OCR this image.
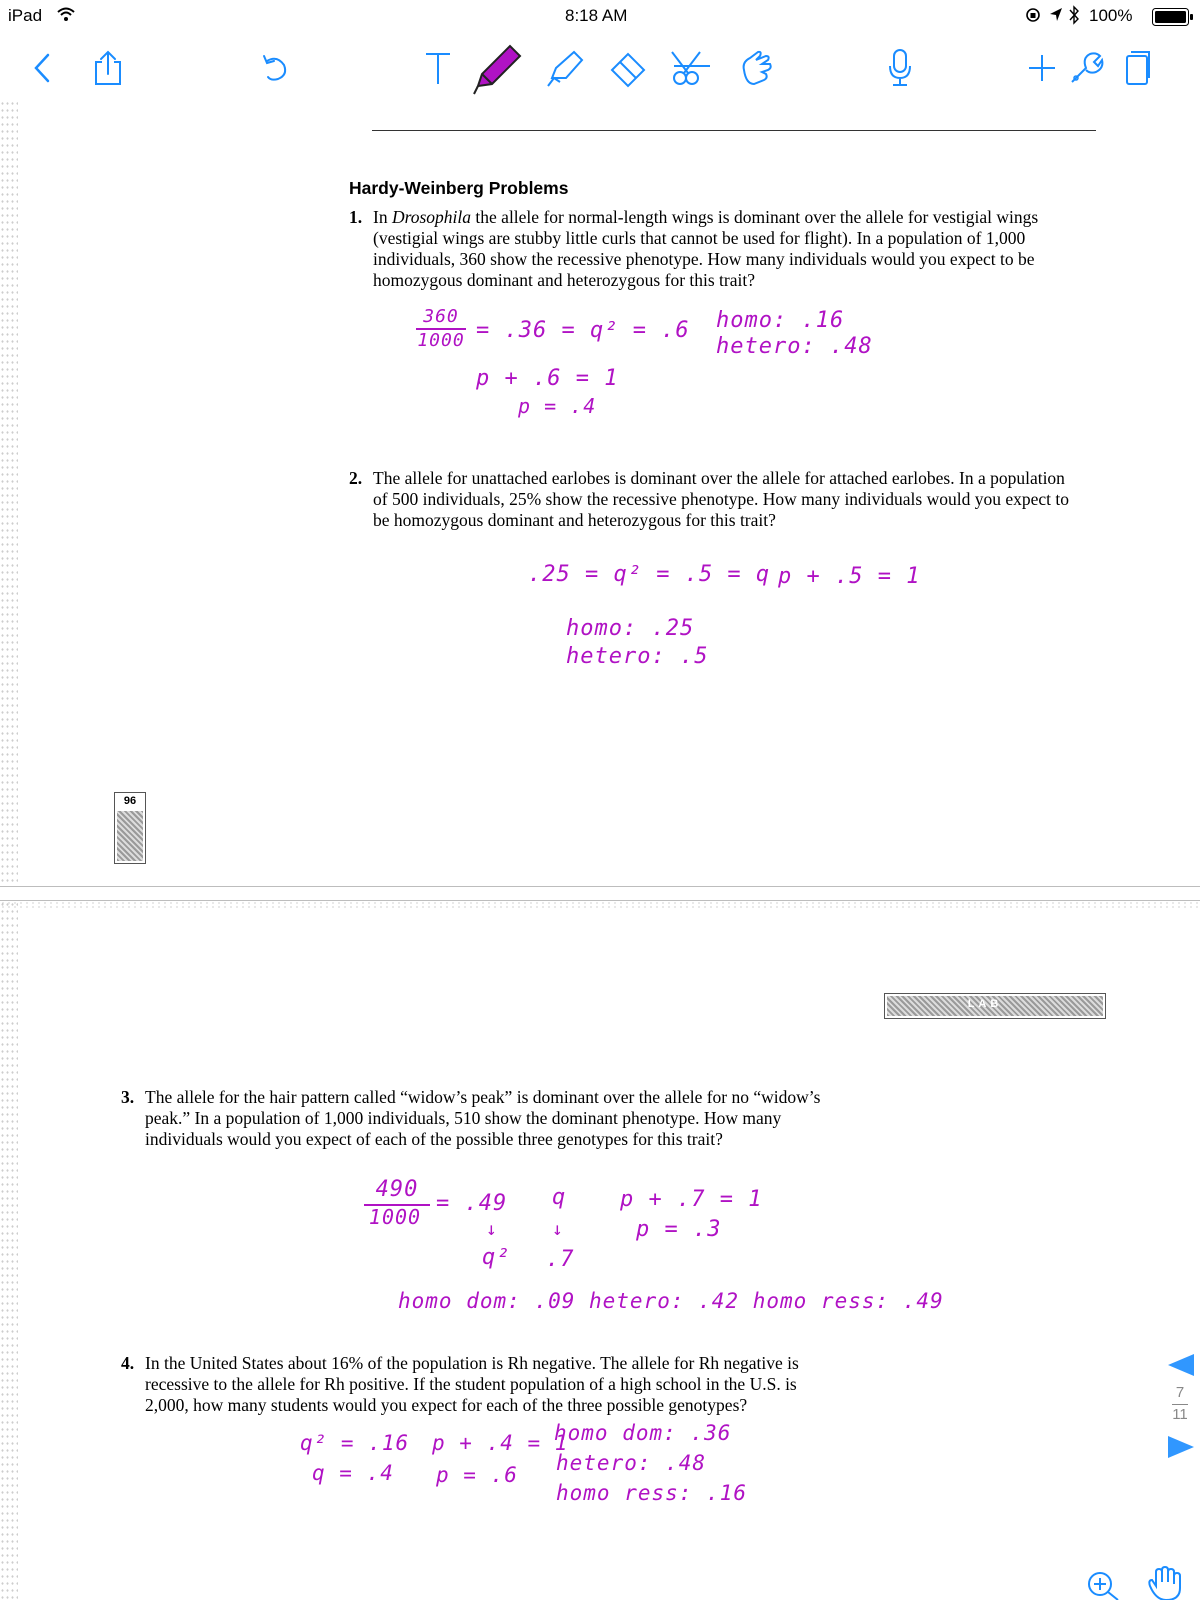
iPad	8:18 AM	100%
Hardy-Weinberg Problems
1. In Drosophila the allele for normal-length wings is dominant over the allele for vestigial wings (vestigial wings are stubby little curls that cannot be used for flight). In a population of 1,000 individuals, 360 show the recessive phenotype. How many individuals would you expect to be homozygous dominant and heterozygous for this trait?
360
1000 = .36 = q² = .6
p + .6 = 1
p = .4
homo: .16
hetero: .48
2. The allele for unattached earlobes is dominant over the allele for attached earlobes. In a population of 500 individuals, 25% show the recessive phenotype. How many individuals would you expect to be homozygous dominant and heterozygous for this trait?
.25 = q² = .5 = q p + .5 = 1
homo: .25
hetero: .5
96
LAB
3. The allele for the hair pattern called “widow’s peak” is dominant over the allele for no “widow’s peak.” In a population of 1,000 individuals, 510 show the dominant phenotype. How many individuals would you expect of each of the possible three genotypes for this trait?
490
1000
= .49 q
↓	↓
q² .7
p + .7 = 1
p = .3
homo dom: .09 hetero: .42 homo ress: .49
4. In the United States about 16% of the population is Rh negative. The allele for Rh negative is recessive to the allele for Rh positive. If the student population of a high school in the U.S. is 2,000, how many students would you expect for each of the three possible genotypes?
q² = .16
q = .4
p + .4 = 1
p = .6
homo dom: .36
hetero: .48
homo ress: .16
7
11
